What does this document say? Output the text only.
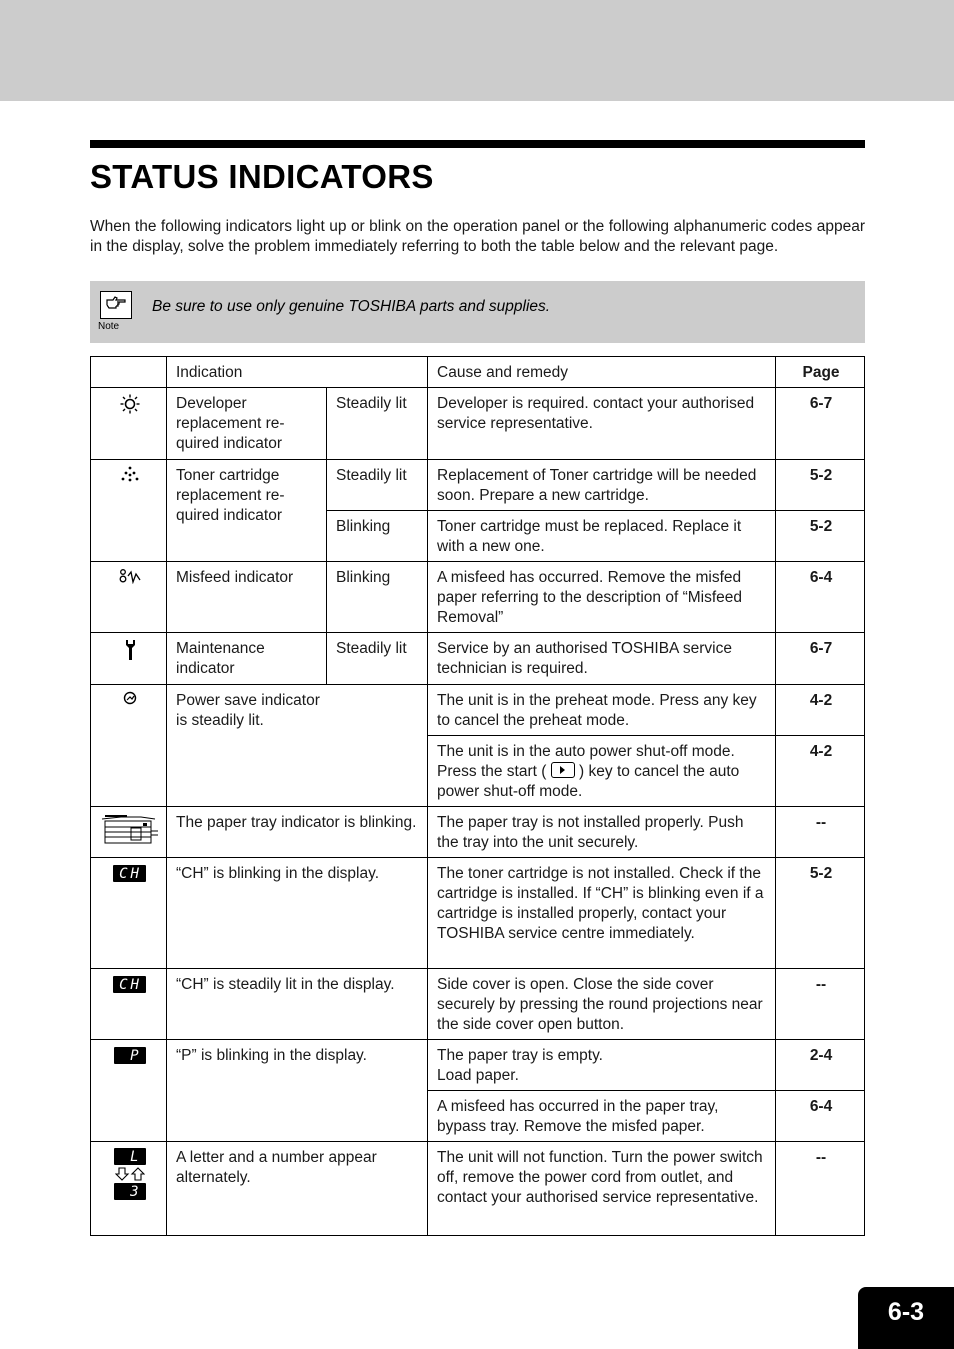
STATUS INDICATORS

When the following indicators light up or blink on the operation panel or the following alphanumeric codes appear in the display, solve the problem immediately referring to both the table below and the relevant page.

Note
Be sure to use only genuine TOSHIBA parts and supplies.
	Indication		Cause and remedy	Page
	Developer replacement re-quired indicator	Steadily lit	Developer is required. contact your authorised service representative.	6-7
	Toner cartridge replacement re-quired indicator	Steadily lit	Replacement of Toner cartridge will be needed soon. Prepare a new cartridge.	5-2
		Blinking	Toner cartridge must be replaced. Replace it with a new one.	5-2
	Misfeed indicator	Blinking	A misfeed has occurred. Remove the misfed paper referring to the description of “Misfeed Removal”	6-4
	Maintenance indicator	Steadily lit	Service by an authorised TOSHIBA service technician is required.	6-7
	Power save indicator
is steadily lit.		The unit is in the preheat mode. Press any key to cancel the preheat mode.	4-2
			The unit is in the auto power shut-off mode. Press the start ( ) key to cancel the auto power shut-off mode.	4-2
	The paper tray indicator is blinking.		The paper tray is not installed properly. Push the tray into the unit securely.	--
CH	“CH” is blinking in the display.		The toner cartridge is not installed. Check if the cartridge is installed. If “CH” is blinking even if a cartridge is installed properly, contact your TOSHIBA service centre immediately.	5-2
CH	“CH” is steadily lit in the display.		Side cover is open. Close the side cover securely by pressing the round projections near the side cover open button.	--
P	“P” is blinking in the display.		The paper tray is empty.
Load paper.	2-4
			A misfeed has occurred in the paper tray, bypass tray. Remove the misfed paper.	6-4

L
3	A letter and a number appear alternately.		The unit will not function. Turn the power switch off, remove the power cord from outlet, and contact your authorised service representative.	--
6-3
